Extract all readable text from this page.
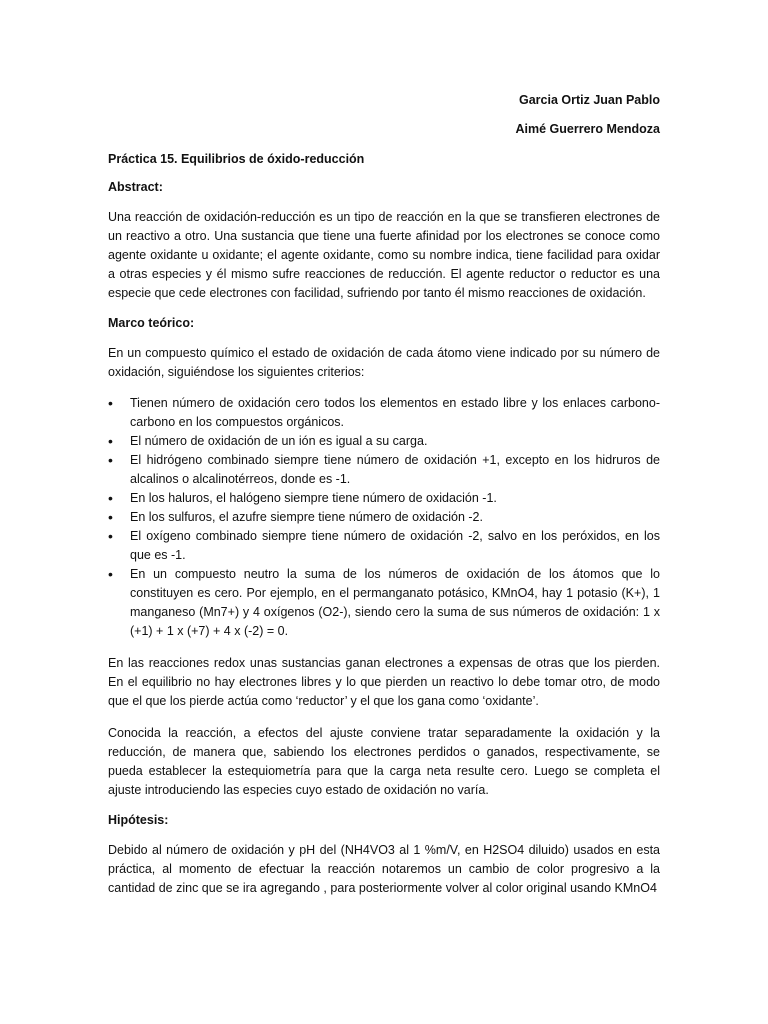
Garcia Ortiz Juan Pablo

Aimé Guerrero Mendoza

Práctica 15. Equilibrios de óxido-reducción
Abstract:

Una reacción de oxidación-reducción es un tipo de reacción en la que se transfieren electrones de un reactivo a otro. Una sustancia que tiene una fuerte afinidad por los electrones se conoce como agente oxidante u oxidante; el agente oxidante, como su nombre indica, tiene facilidad para oxidar a otras especies y él mismo sufre reacciones de reducción. El agente reductor o reductor es una especie que cede electrones con facilidad, sufriendo por tanto él mismo reacciones de oxidación.

Marco teórico:

En un compuesto químico el estado de oxidación de cada átomo viene indicado por su número de oxidación, siguiéndose los siguientes criterios:

•	Tienen número de oxidación cero todos los elementos en estado libre y los enlaces carbono-carbono en los compuestos orgánicos.
•	El número de oxidación de un ión es igual a su carga.
•	El hidrógeno combinado siempre tiene número de oxidación +1, excepto en los hidruros de alcalinos o alcalinotérreos, donde es -1.
•	En los haluros, el halógeno siempre tiene número de oxidación -1.
•	En los sulfuros, el azufre siempre tiene número de oxidación -2.
•	El oxígeno combinado siempre tiene número de oxidación -2, salvo en los peróxidos, en los que es -1.
•	En un compuesto neutro la suma de los números de oxidación de los átomos que lo constituyen es cero. Por ejemplo, en el permanganato potásico, KMnO4, hay 1 potasio (K+), 1 manganeso (Mn7+) y 4 oxígenos (O2-), siendo cero la suma de sus números de oxidación: 1 x (+1) + 1 x (+7) + 4 x (-2) = 0.

En las reacciones redox unas sustancias ganan electrones a expensas de otras que los pierden. En el equilibrio no hay electrones libres y lo que pierden un reactivo lo debe tomar otro, de modo que el que los pierde actúa como ‘reductor’ y el que los gana como ‘oxidante’.

Conocida la reacción, a efectos del ajuste conviene tratar separadamente la oxidación y la reducción, de manera que, sabiendo los electrones perdidos o ganados, respectivamente, se pueda establecer la estequiometría para que la carga neta resulte cero. Luego se completa el ajuste introduciendo las especies cuyo estado de oxidación no varía.

Hipótesis:

Debido al número de oxidación y pH del (NH4VO3 al 1 %m/V, en H2SO4 diluido) usados en esta práctica, al momento de efectuar la reacción notaremos un cambio de color progresivo a la cantidad de zinc que se ira agregando , para posteriormente volver al color original usando KMnO4
